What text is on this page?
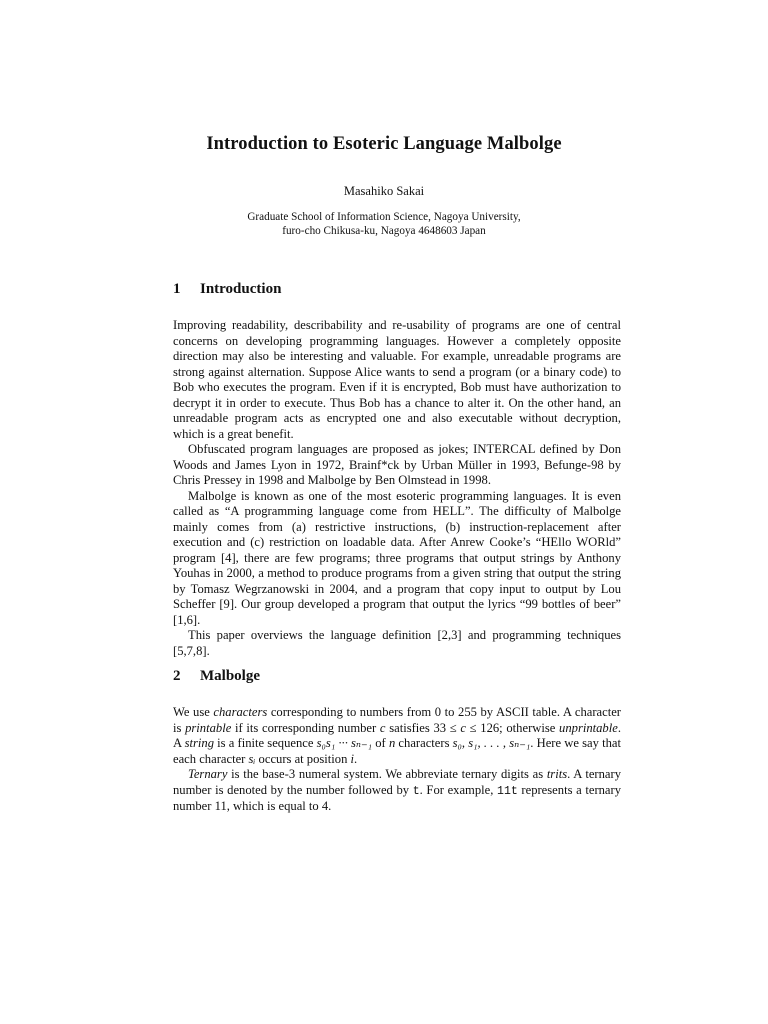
Introduction to Esoteric Language Malbolge
Masahiko Sakai
Graduate School of Information Science, Nagoya University,
furo-cho Chikusa-ku, Nagoya 4648603 Japan
1 Introduction

Improving readability, describability and re-usability of programs are one of central concerns on developing programming languages. However a completely opposite direction may also be interesting and valuable. For example, unreadable programs are strong against alternation. Suppose Alice wants to send a program (or a binary code) to Bob who executes the program. Even if it is encrypted, Bob must have authorization to decrypt it in order to execute. Thus Bob has a chance to alter it. On the other hand, an unreadable program acts as encrypted one and also executable without decryption, which is a great benefit.

Obfuscated program languages are proposed as jokes; INTERCAL defined by Don Woods and James Lyon in 1972, Brainf*ck by Urban Müller in 1993, Befunge-98 by Chris Pressey in 1998 and Malbolge by Ben Olmstead in 1998.

Malbolge is known as one of the most esoteric programming languages. It is even called as “A programming language come from HELL”. The difficulty of Malbolge mainly comes from (a) restrictive instructions, (b) instruction-replacement after execution and (c) restriction on loadable data. After Anrew Cooke’s “HEllo WORld” program [4], there are few programs; three programs that output strings by Anthony Youhas in 2000, a method to produce programs from a given string that output the string by Tomasz Wegrzanowski in 2004, and a program that copy input to output by Lou Scheffer [9]. Our group developed a program that output the lyrics “99 bottles of beer” [1,6].

This paper overviews the language definition [2,3] and programming techniques [5,7,8].

2 Malbolge

We use characters corresponding to numbers from 0 to 255 by ASCII table. A character is printable if its corresponding number c satisfies 33 ≤ c ≤ 126; otherwise unprintable. A string is a finite sequence s₀s₁ ··· sₙ₋₁ of n characters s₀, s₁, . . . , sₙ₋₁. Here we say that each character sᵢ occurs at position i.

Ternary is the base-3 numeral system. We abbreviate ternary digits as trits. A ternary number is denoted by the number followed by t. For example, 11t represents a ternary number 11, which is equal to 4.
